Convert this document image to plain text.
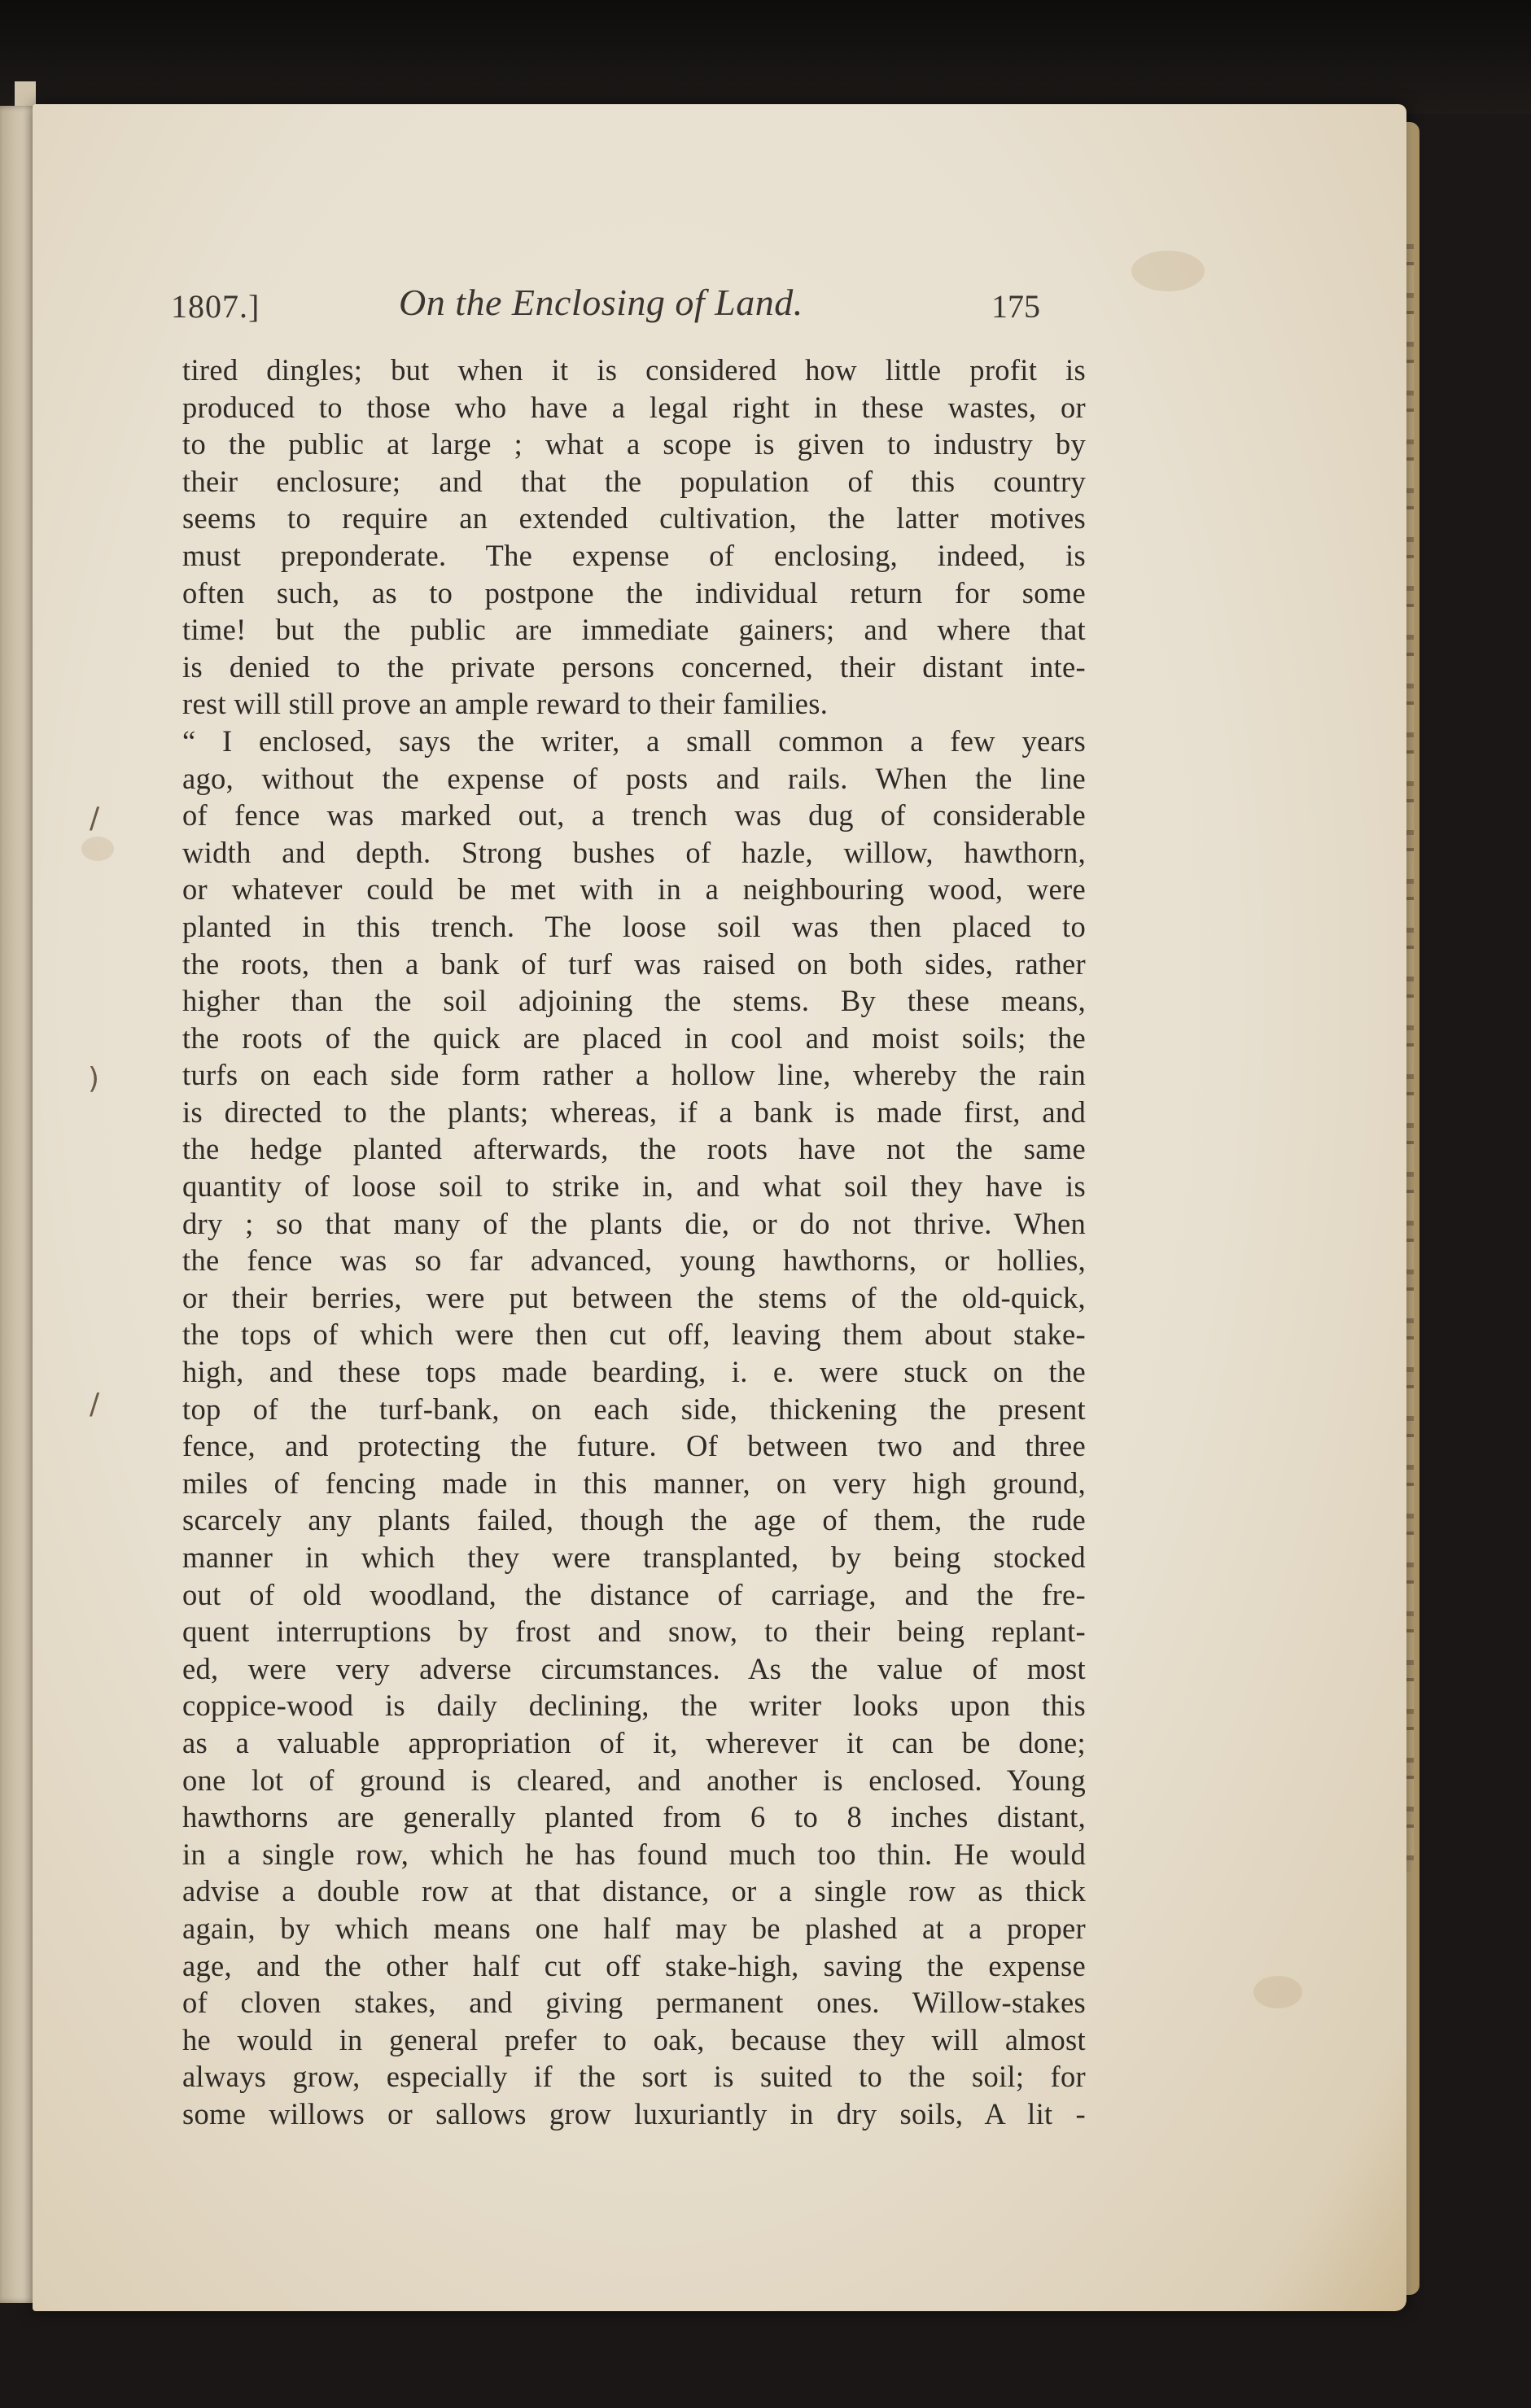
1807.]	On the Enclosing of Land.	175
/
)
/
tired dingles; but when it is considered how little profit is
produced to those who have a legal right in these wastes, or
to the public at large ; what a scope is given to industry by
their enclosure; and that the population of this country
seems to require an extended cultivation, the latter motives
must preponderate. The expense of enclosing, indeed, is
often such, as to postpone the individual return for some
time! but the public are immediate gainers; and where that
is denied to the private persons concerned, their distant inte-
rest will still prove an ample reward to their families.
“ I enclosed, says the writer, a small common a few years
ago, without the expense of posts and rails. When the line
of fence was marked out, a trench was dug of considerable
width and depth. Strong bushes of hazle, willow, hawthorn,
or whatever could be met with in a neighbouring wood, were
planted in this trench. The loose soil was then placed to
the roots, then a bank of turf was raised on both sides, rather
higher than the soil adjoining the stems. By these means,
the roots of the quick are placed in cool and moist soils; the
turfs on each side form rather a hollow line, whereby the rain
is directed to the plants; whereas, if a bank is made first, and
the hedge planted afterwards, the roots have not the same
quantity of loose soil to strike in, and what soil they have is
dry ; so that many of the plants die, or do not thrive. When
the fence was so far advanced, young hawthorns, or hollies,
or their berries, were put between the stems of the old-quick,
the tops of which were then cut off, leaving them about stake-
high, and these tops made bearding, i. e. were stuck on the
top of the turf-bank, on each side, thickening the present
fence, and protecting the future. Of between two and three
miles of fencing made in this manner, on very high ground,
scarcely any plants failed, though the age of them, the rude
manner in which they were transplanted, by being stocked
out of old woodland, the distance of carriage, and the fre-
quent interruptions by frost and snow, to their being replant-
ed, were very adverse circumstances. As the value of most
coppice-wood is daily declining, the writer looks upon this
as a valuable appropriation of it, wherever it can be done;
one lot of ground is cleared, and another is enclosed. Young
hawthorns are generally planted from 6 to 8 inches distant,
in a single row, which he has found much too thin. He would
advise a double row at that distance, or a single row as thick
again, by which means one half may be plashed at a proper
age, and the other half cut off stake-high, saving the expense
of cloven stakes, and giving permanent ones. Willow-stakes
he would in general prefer to oak, because they will almost
always grow, especially if the sort is suited to the soil; for
some willows or sallows grow luxuriantly in dry soils, A lit -
